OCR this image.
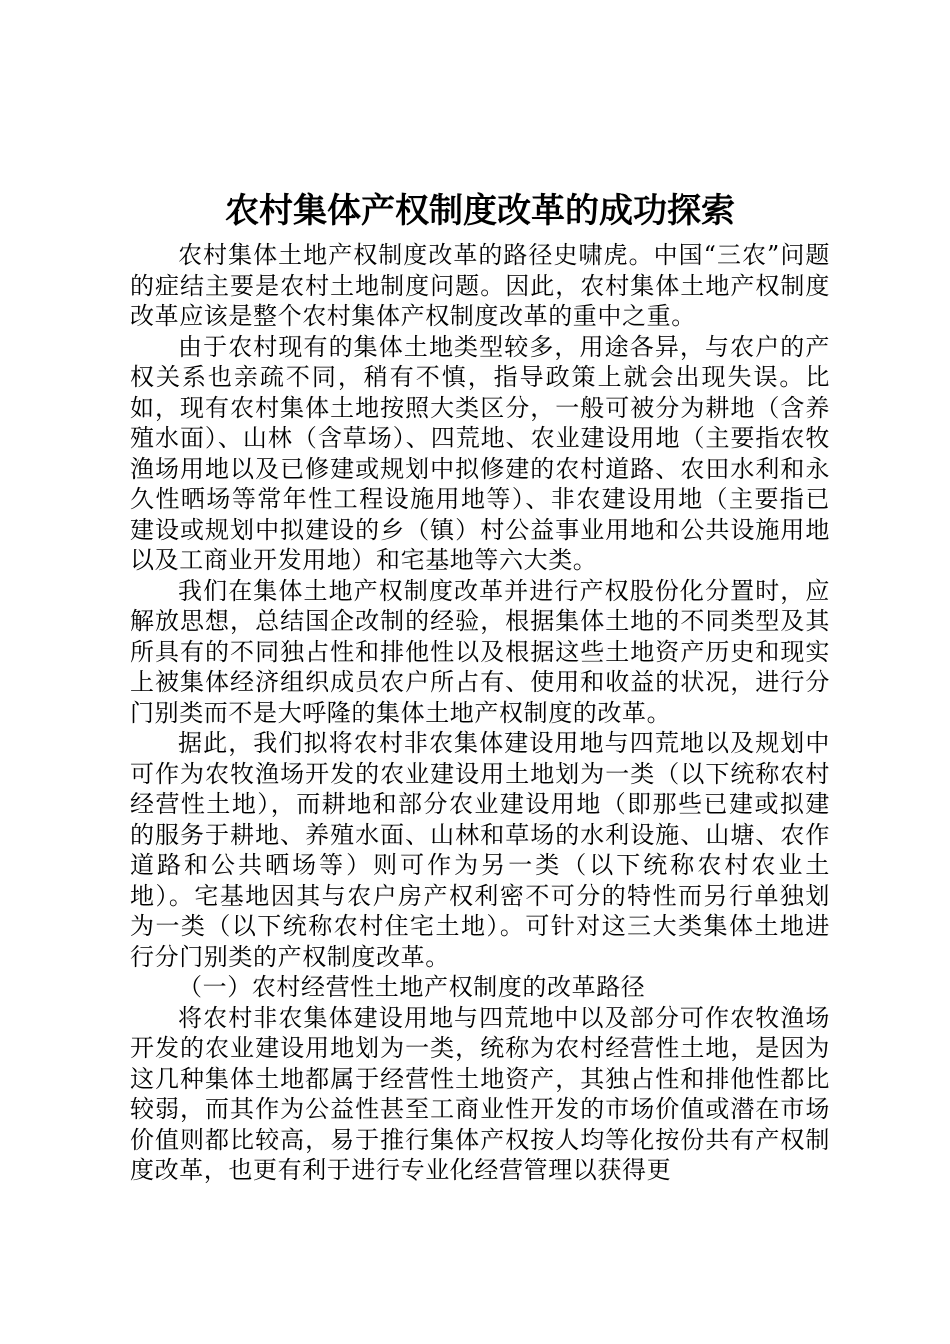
农村集体产权制度改革的成功探索

农村集体土地产权制度改革的路径史啸虎。中国“三农”问题的症结主要是农村土地制度问题。因此，农村集体土地产权制度改革应该是整个农村集体产权制度改革的重中之重。

由于农村现有的集体土地类型较多，用途各异，与农户的产权关系也亲疏不同，稍有不慎，指导政策上就会出现失误。比如，现有农村集体土地按照大类区分，一般可被分为耕地（含养殖水面）、山林（含草场）、四荒地、农业建设用地（主要指农牧渔场用地以及已修建或规划中拟修建的农村道路、农田水利和永久性晒场等常年性工程设施用地等）、非农建设用地（主要指已建设或规划中拟建设的乡（镇）村公益事业用地和公共设施用地以及工商业开发用地）和宅基地等六大类。

我们在集体土地产权制度改革并进行产权股份化分置时，应解放思想，总结国企改制的经验，根据集体土地的不同类型及其所具有的不同独占性和排他性以及根据这些土地资产历史和现实上被集体经济组织成员农户所占有、使用和收益的状况，进行分门别类而不是大呼隆的集体土地产权制度的改革。

据此，我们拟将农村非农集体建设用地与四荒地以及规划中可作为农牧渔场开发的农业建设用土地划为一类（以下统称农村经营性土地），而耕地和部分农业建设用地（即那些已建或拟建的服务于耕地、养殖水面、山林和草场的水利设施、山塘、农作道路和公共晒场等）则可作为另一类（以下统称农村农业土地）。宅基地因其与农户房产权利密不可分的特性而另行单独划为一类（以下统称农村住宅土地）。可针对这三大类集体土地进行分门别类的产权制度改革。

（一）农村经营性土地产权制度的改革路径

将农村非农集体建设用地与四荒地中以及部分可作农牧渔场开发的农业建设用地划为一类，统称为农村经营性土地，是因为这几种集体土地都属于经营性土地资产，其独占性和排他性都比较弱，而其作为公益性甚至工商业性开发的市场价值或潜在市场价值则都比较高，易于推行集体产权按人均等化按份共有产权制度改革，也更有利于进行专业化经营管理以获得更
